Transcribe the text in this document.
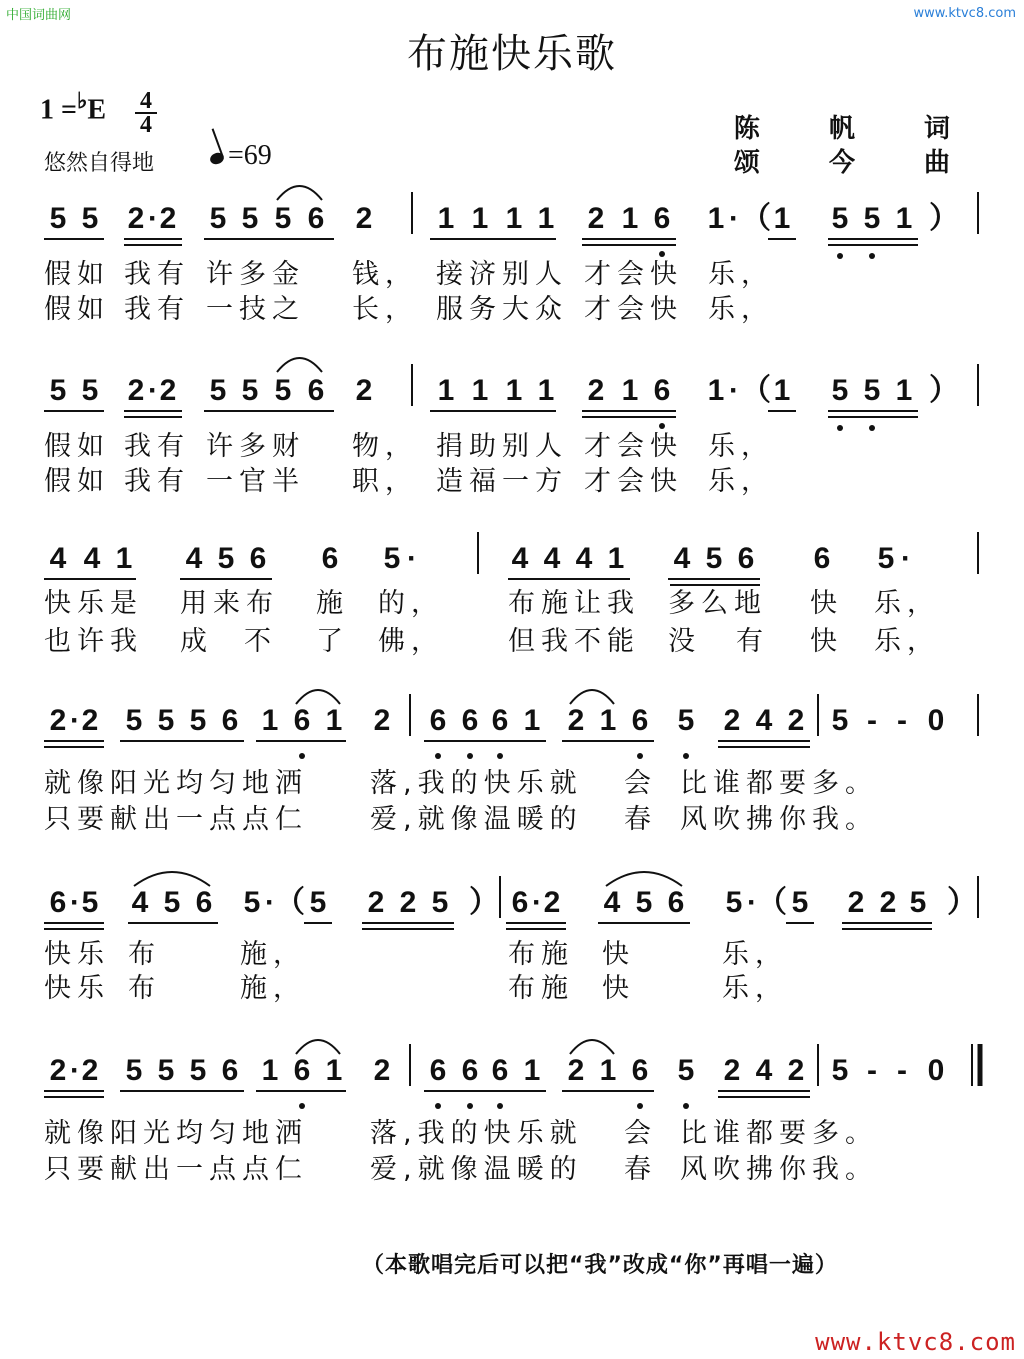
中国词曲网	www.ktvc8.com
布施快乐歌
1 =♭E	4
4
悠然自得地	=69
陈 帆 词
颂 今 曲
5 5 2 · 2 5 5 5 6 2 1 1 1 1 2 1 6 1 · （ 1 5 5 1 ）
假如 我有 许多金 钱， 接济别人 才会快 乐，
假如 我有 一技之 长， 服务大众 才会快 乐，
5 5 2 · 2 5 5 5 6 2 1 1 1 1 2 1 6 1 · （ 1 5 5 1 ）
假如 我有 许多财 物， 捐助别人 才会快 乐，
假如 我有 一官半 职， 造福一方 才会快 乐，
4 4 1 4 5 6 6 5 ·	4 4 4 1 4 5 6 6 5 ·
快乐是 用来布 施 的， 布施让我 多么地 快 乐，
也许我 成 不 了 佛， 但我不能 没 有 快 乐，
2 · 2 5 5 5 6 1 6 1 2 6 6 6 1 2 1 6 5 2 4 2 5 - - 0
就像阳光均匀地洒 落,我的快乐就 会 比谁都要多。
只要献出一点点仁 爱,就像温暖的 春 风吹拂你我。
6 · 5 4 5 6 5 · （ 5 2 2 5 ） 6 · 2 4 5 6 5 · （ 5 2 2 5 ）
快乐 布	施，	布施 快	乐，
快乐 布	施，	布施 快	乐，
2 · 2 5 5 5 6 1 6 1 2 6 6 6 1 2 1 6 5 2 4 2 5 - - 0
就像阳光均匀地洒 落,我的快乐就 会 比谁都要多。
只要献出一点点仁 爱,就像温暖的 春 风吹拂你我。
（本歌唱完后可以把“我”改成“你”再唱一遍）
www.ktvc8.com
